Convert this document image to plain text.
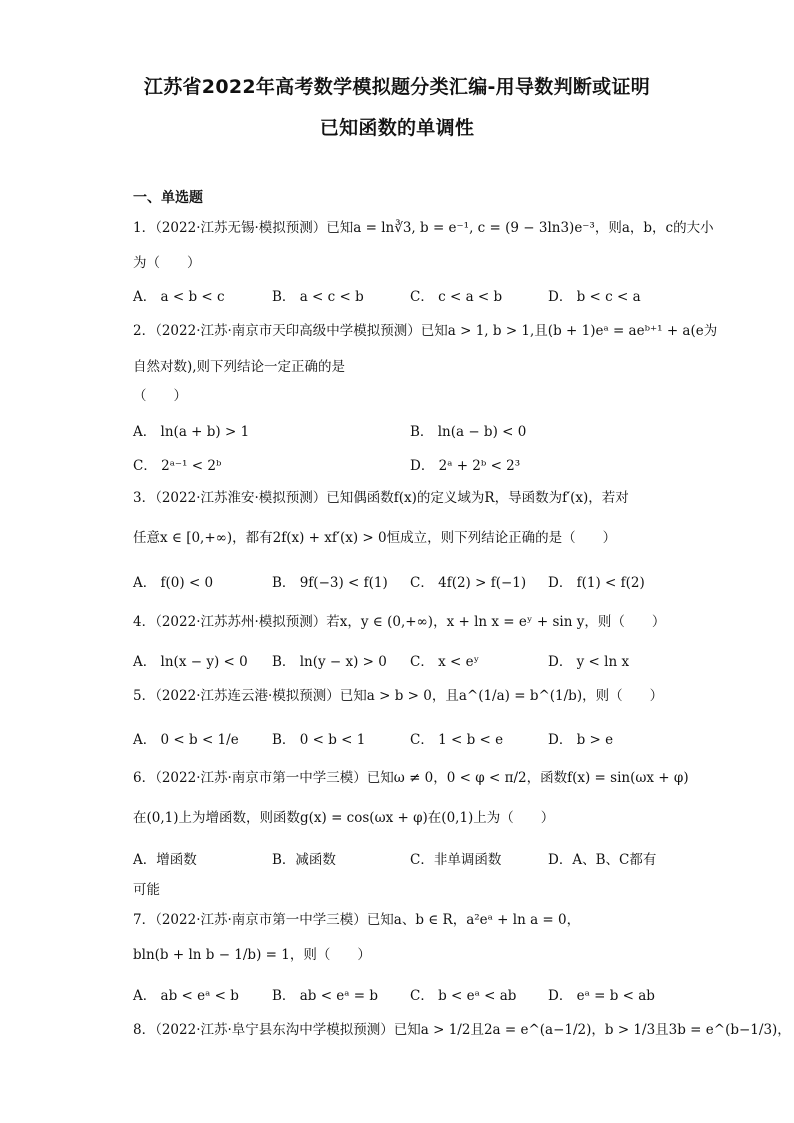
江苏省2022年高考数学模拟题分类汇编-用导数判断或证明
已知函数的单调性
一、单选题
1．（2022·江苏无锡·模拟预测）已知a = ln∛3, b = e⁻¹, c = (9 − 3ln3)e⁻³，则a，b，c的大小
为（　　）
A． a < b < c	B． a < c < b	C． c < a < b	D． b < c < a
2．（2022·江苏·南京市天印高级中学模拟预测）已知a > 1, b > 1,且(b + 1)eᵃ = aeᵇ⁺¹ + a(e为
自然对数),则下列结论一定正确的是
（　　）
A． ln(a + b) > 1	B． ln(a − b) < 0
C． 2ᵃ⁻¹ < 2ᵇ	D． 2ᵃ + 2ᵇ < 2³
3．（2022·江苏淮安·模拟预测）已知偶函数f(x)的定义域为R，导函数为f′(x)，若对
任意x ∈ [0,+∞)，都有2f(x) + xf′(x) > 0恒成立，则下列结论正确的是（　　）
A． f(0) < 0	B． 9f(−3) < f(1) C． 4f(2) > f(−1) D． f(1) < f(2)
4．（2022·江苏苏州·模拟预测）若x，y ∈ (0,+∞)，x + ln x = eʸ + sin y，则（　　）
A． ln(x − y) < 0 B． ln(y − x) > 0 C． x < eʸ	D． y < ln x
5．（2022·江苏连云港·模拟预测）已知a > b > 0，且a^(1/a) = b^(1/b)，则（　　）
A． 0 < b < 1/e B． 0 < b < 1	C． 1 < b < e	D． b > e
6．（2022·江苏·南京市第一中学三模）已知ω ≠ 0，0 < φ < π/2，函数f(x) = sin(ωx + φ)
在(0,1)上为增函数，则函数g(x) = cos(ωx + φ)在(0,1)上为（　　）
A．增函数	B．减函数	C．非单调函数	D．A、B、C都有
可能
7．（2022·江苏·南京市第一中学三模）已知a、b ∈ R，a²eᵃ + ln a = 0，
bln(b + ln b − 1/b) = 1，则（　　）
A． ab < eᵃ < b B． ab < eᵃ = b C． b < eᵃ < ab D． eᵃ = b < ab
8．（2022·江苏·阜宁县东沟中学模拟预测）已知a > 1/2且2a = e^(a−1/2)，b > 1/3且3b = e^(b−1/3)，
